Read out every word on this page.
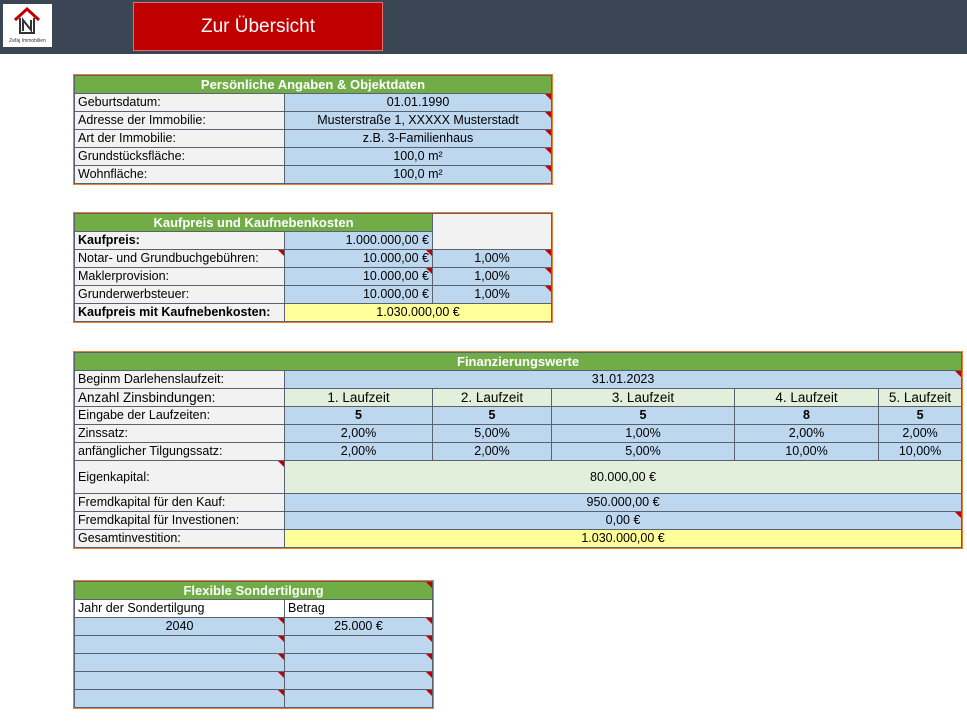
Zefaj Immobilien
Zur Übersicht
Persönliche Angaben & Objektdaten	
Geburtsdatum:	01.01.1990
Adresse der Immobilie:	Musterstraße 1, XXXXX Musterstadt
Art der Immobilie:	z.B. 3-Familienhaus
Grundstücksfläche:	100,0 m²
Wohnfläche:	100,0 m²
Kaufpreis und Kaufnebenkosten		
Kaufpreis:	1.000.000,00 €	
Notar- und Grundbuchgebühren:	10.000,00 €	1,00%
Maklerprovision:	10.000,00 €	1,00%
Grunderwerbsteuer:	10.000,00 €	1,00%
Kaufpreis mit Kaufnebenkosten:	1.030.000,00 €	
Finanzierungswerte					
Beginm Darlehenslaufzeit:	31.01.2023				
Anzahl Zinsbindungen:	1. Laufzeit	2. Laufzeit	3. Laufzeit	4. Laufzeit	5. Laufzeit
Eingabe der Laufzeiten:	5	5	5	8	5
Zinssatz:	2,00%	5,00%	1,00%	2,00%	2,00%
anfänglicher Tilgungssatz:	2,00%	2,00%	5,00%	10,00%	10,00%
Eigenkapital:	80.000,00 €				
Fremdkapital für den Kauf:	950.000,00 €				
Fremdkapital für Investionen:	0,00 €				
Gesamtinvestition:	1.030.000,00 €				
Flexible Sondertilgung	
Jahr der Sondertilgung	Betrag
2040	25.000 €
